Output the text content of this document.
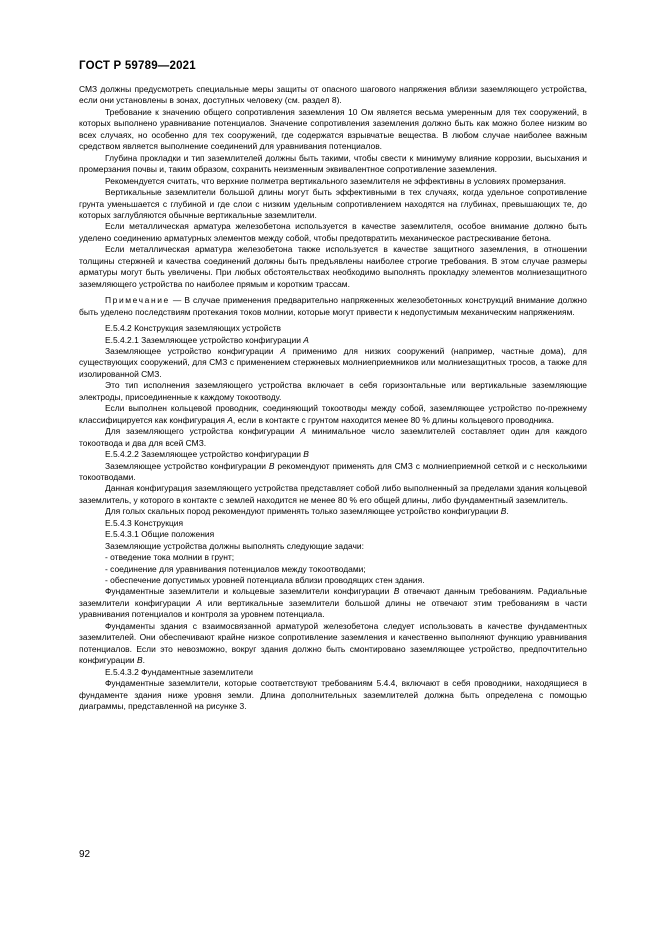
ГОСТ Р 59789—2021

СМЗ должны предусмотреть специальные меры защиты от опасного шагового напряжения вблизи заземляющего устройства, если они установлены в зонах, доступных человеку (см. раздел 8).

Требование к значению общего сопротивления заземления 10 Ом является весьма умеренным для тех сооружений, в которых выполнено уравнивание потенциалов. Значение сопротивления заземления должно быть как можно более низким во всех случаях, но особенно для тех сооружений, где содержатся взрывчатые вещества. В любом случае наиболее важным средством является выполнение соединений для уравнивания потенциалов.

Глубина прокладки и тип заземлителей должны быть такими, чтобы свести к минимуму влияние коррозии, высыхания и промерзания почвы и, таким образом, сохранить неизменным эквивалентное сопротивление заземления.

Рекомендуется считать, что верхние полметра вертикального заземлителя не эффективны в условиях промерзания.

Вертикальные заземлители большой длины могут быть эффективными в тех случаях, когда удельное сопротивление грунта уменьшается с глубиной и где слои с низким удельным сопротивлением находятся на глубинах, превышающих те, до которых заглубляются обычные вертикальные заземлители.

Если металлическая арматура железобетона используется в качестве заземлителя, особое внимание должно быть уделено соединению арматурных элементов между собой, чтобы предотвратить механическое растрескивание бетона.

Если металлическая арматура железобетона также используется в качестве защитного заземления, в отношении толщины стержней и качества соединений должны быть предъявлены наиболее строгие требования. В этом случае размеры арматуры могут быть увеличены. При любых обстоятельствах необходимо выполнять прокладку элементов молниезащитного заземляющего устройства по наиболее прямым и коротким трассам.

Примечание — В случае применения предварительно напряженных железобетонных конструкций внимание должно быть уделено последствиям протекания токов молнии, которые могут привести к недопустимым механическим напряжениям.

Е.5.4.2 Конструкция заземляющих устройств

Е.5.4.2.1 Заземляющее устройство конфигурации А

Заземляющее устройство конфигурации А применимо для низких сооружений (например, частные дома), для существующих сооружений, для СМЗ с применением стержневых молниеприемников или молниезащитных тросов, а также для изолированной СМЗ.

Это тип исполнения заземляющего устройства включает в себя горизонтальные или вертикальные заземляющие электроды, присоединенные к каждому токоотводу.

Если выполнен кольцевой проводник, соединяющий токоотводы между собой, заземляющее устройство по-прежнему классифицируется как конфигурация А, если в контакте с грунтом находится менее 80 % длины кольцевого проводника.

Для заземляющего устройства конфигурации А минимальное число заземлителей составляет один для каждого токоотвода и два для всей СМЗ.

Е.5.4.2.2 Заземляющее устройство конфигурации В

Заземляющее устройство конфигурации В рекомендуют применять для СМЗ с молниеприемной сеткой и с несколькими токоотводами.

Данная конфигурация заземляющего устройства представляет собой либо выполненный за пределами здания кольцевой заземлитель, у которого в контакте с землей находится не менее 80 % его общей длины, либо фундаментный заземлитель.

Для голых скальных пород рекомендуют применять только заземляющее устройство конфигурации В.

Е.5.4.3 Конструкция

Е.5.4.3.1 Общие положения

Заземляющие устройства должны выполнять следующие задачи:

- отведение тока молнии в грунт;

- соединение для уравнивания потенциалов между токоотводами;

- обеспечение допустимых уровней потенциала вблизи проводящих стен здания.

Фундаментные заземлители и кольцевые заземлители конфигурации В отвечают данным требованиям. Радиальные заземлители конфигурации А или вертикальные заземлители большой длины не отвечают этим требованиям в части уравнивания потенциалов и контроля за уровнем потенциала.

Фундаменты здания с взаимосвязанной арматурой железобетона следует использовать в качестве фундаментных заземлителей. Они обеспечивают крайне низкое сопротивление заземления и качественно выполняют функцию уравнивания потенциалов. Если это невозможно, вокруг здания должно быть смонтировано заземляющее устройство, предпочтительно конфигурации В.

Е.5.4.3.2 Фундаментные заземлители

Фундаментные заземлители, которые соответствуют требованиям 5.4.4, включают в себя проводники, находящиеся в фундаменте здания ниже уровня земли. Длина дополнительных заземлителей должна быть определена с помощью диаграммы, представленной на рисунке 3.

92
